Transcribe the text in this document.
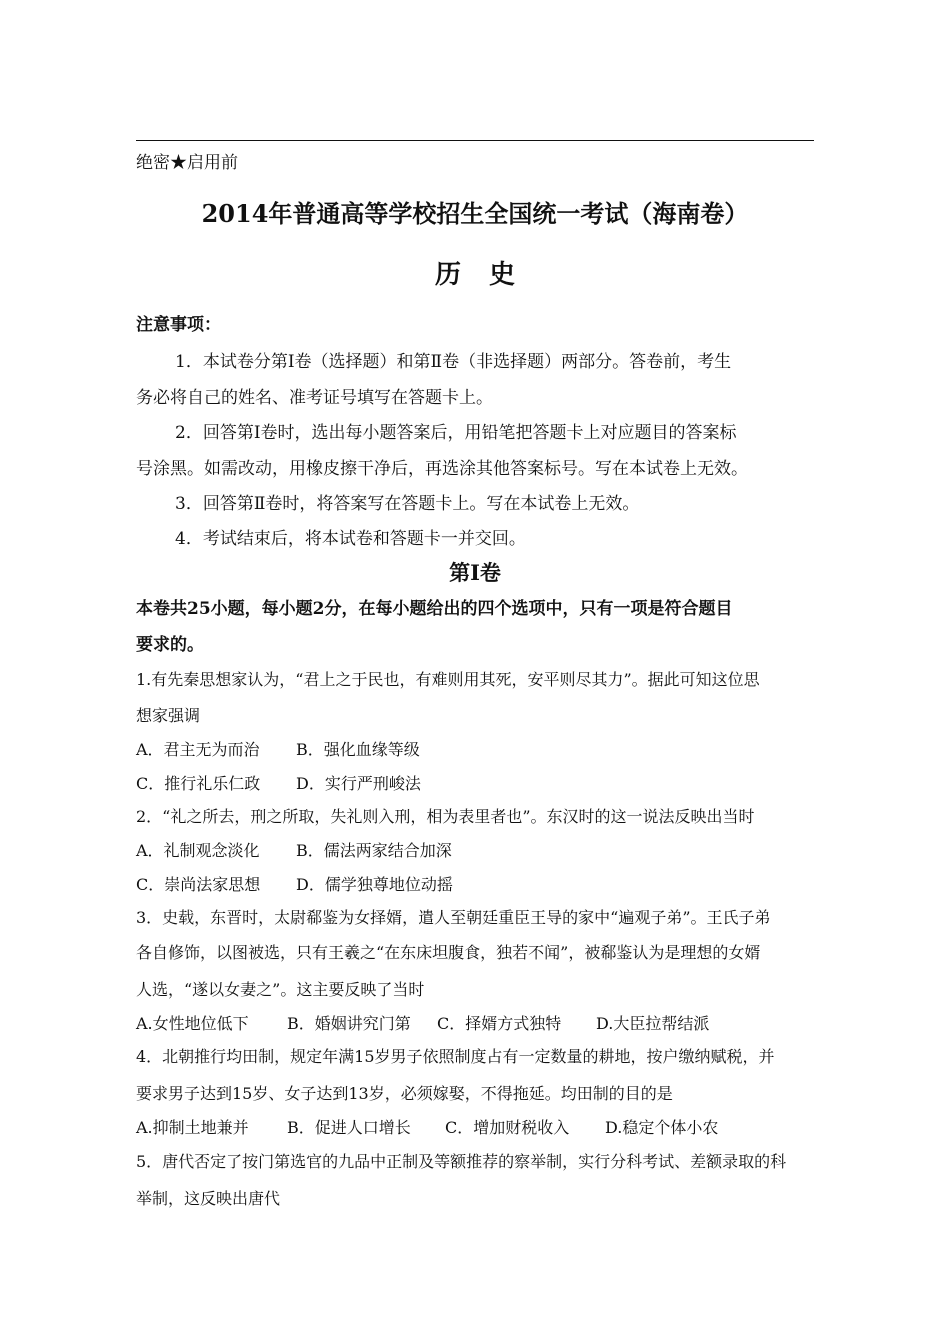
绝密★启用前
2014年普通高等学校招生全国统一考试（海南卷）
历史
注意事项：
1．本试卷分第Ⅰ卷（选择题）和第Ⅱ卷（非选择题）两部分。答卷前，考生
务必将自己的姓名、准考证号填写在答题卡上。
2．回答第Ⅰ卷时，选出每小题答案后，用铅笔把答题卡上对应题目的答案标
号涂黑。如需改动，用橡皮擦干净后，再选涂其他答案标号。写在本试卷上无效。
3．回答第Ⅱ卷时，将答案写在答题卡上。写在本试卷上无效。
4．考试结束后，将本试卷和答题卡一并交回。
第Ⅰ卷
本卷共25小题，每小题2分，在每小题给出的四个选项中，只有一项是符合题目
要求的。
1.有先秦思想家认为，“君上之于民也，有难则用其死，安平则尽其力”。据此可知这位思
想家强调
A．君主无为而治 B．强化血缘等级
C．推行礼乐仁政 D．实行严刑峻法
2．“礼之所去，刑之所取，失礼则入刑，相为表里者也”。东汉时的这一说法反映出当时
A．礼制观念淡化 B．儒法两家结合加深
C．崇尚法家思想 D．儒学独尊地位动摇
3．史载，东晋时，太尉郗鉴为女择婿，遣人至朝廷重臣王导的家中“遍观子弟”。王氏子弟
各自修饰，以图被选，只有王羲之“在东床坦腹食，独若不闻”，被郗鉴认为是理想的女婿
人选，“遂以女妻之”。这主要反映了当时
A.女性地位低下 B．婚姻讲究门第 C．择婿方式独特 D.大臣拉帮结派
4．北朝推行均田制，规定年满15岁男子依照制度占有一定数量的耕地，按户缴纳赋税，并
要求男子达到15岁、女子达到13岁，必须嫁娶，不得拖延。均田制的目的是
A.抑制土地兼并 B．促进人口增长 C．增加财税收入 D.稳定个体小农
5．唐代否定了按门第选官的九品中正制及等额推荐的察举制，实行分科考试、差额录取的科
举制，这反映出唐代
